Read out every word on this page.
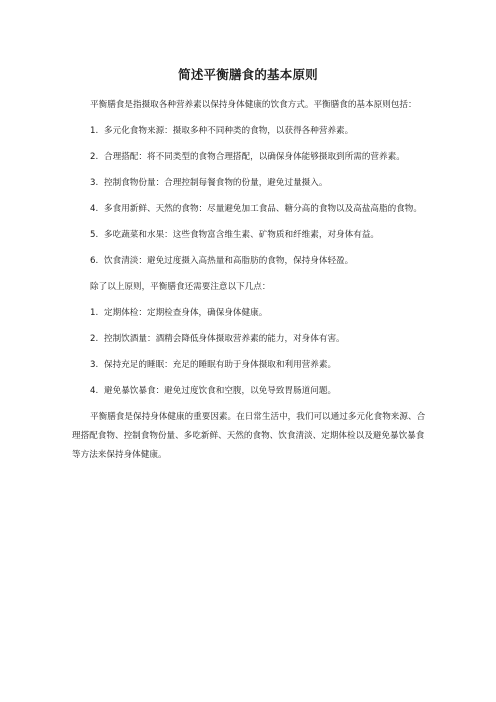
简述平衡膳食的基本原则

平衡膳食是指摄取各种营养素以保持身体健康的饮食方式。平衡膳食的基本原则包括：

1. 多元化食物来源：摄取多种不同种类的食物，以获得各种营养素。

2. 合理搭配：将不同类型的食物合理搭配，以确保身体能够摄取到所需的营养素。

3. 控制食物份量：合理控制每餐食物的份量，避免过量摄入。

4. 多食用新鲜、天然的食物：尽量避免加工食品、糖分高的食物以及高盐高脂的食物。

5. 多吃蔬菜和水果：这些食物富含维生素、矿物质和纤维素，对身体有益。

6. 饮食清淡：避免过度摄入高热量和高脂肪的食物，保持身体轻盈。

除了以上原则，平衡膳食还需要注意以下几点：

1. 定期体检：定期检查身体，确保身体健康。

2. 控制饮酒量：酒精会降低身体摄取营养素的能力，对身体有害。

3. 保持充足的睡眠：充足的睡眠有助于身体摄取和利用营养素。

4. 避免暴饮暴食：避免过度饮食和空腹，以免导致胃肠道问题。

平衡膳食是保持身体健康的重要因素。在日常生活中，我们可以通过多元化食物来源、合理搭配食物、控制食物份量、多吃新鲜、天然的食物、饮食清淡、定期体检以及避免暴饮暴食等方法来保持身体健康。
